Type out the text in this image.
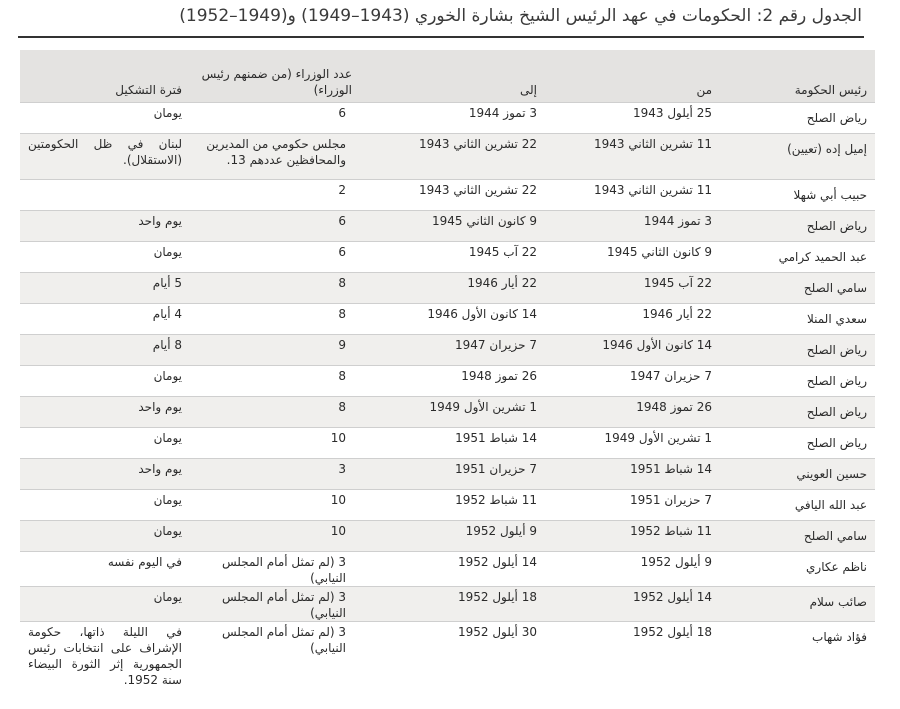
الجدول رقم 2: الحكومات في عهد الرئيس الشيخ بشارة الخوري (1943–1949) و(1949–1952)
رئيس الحكومة	من	إلى	عدد الوزراء (من ضمنهم رئيس الوزراء)	فترة التشكيل
رياض الصلح	25 أيلول 1943	3 تموز 1944	6	يومان
إميل إده (تعيين)	11 تشرين الثاني 1943	22 تشرين الثاني 1943	مجلس حكومي من المديرين والمحافظين عددهم 13.	لبنان في ظل الحكومتين (الاستقلال).
حبيب أبي شهلا	11 تشرين الثاني 1943	22 تشرين الثاني 1943	2	
رياض الصلح	3 تموز 1944	9 كانون الثاني 1945	6	يوم واحد
عبد الحميد كرامي	9 كانون الثاني 1945	22 آب 1945	6	يومان
سامي الصلح	22 آب 1945	22 أيار 1946	8	5 أيام
سعدي المنلا	22 أيار 1946	14 كانون الأول 1946	8	4 أيام
رياض الصلح	14 كانون الأول 1946	7 حزيران 1947	9	8 أيام
رياض الصلح	7 حزيران 1947	26 تموز 1948	8	يومان
رياض الصلح	26 تموز 1948	1 تشرين الأول 1949	8	يوم واحد
رياض الصلح	1 تشرين الأول 1949	14 شباط 1951	10	يومان
حسين العويني	14 شباط 1951	7 حزيران 1951	3	يوم واحد
عبد الله اليافي	7 حزيران 1951	11 شباط 1952	10	يومان
سامي الصلح	11 شباط 1952	9 أيلول 1952	10	يومان
ناظم عكاري	9 أيلول 1952	14 أيلول 1952	3 (لم تمثل أمام المجلس النيابي)	في اليوم نفسه
صائب سلام	14 أيلول 1952	18 أيلول 1952	3 (لم تمثل أمام المجلس النيابي)	يومان
فؤاد شهاب	18 أيلول 1952	30 أيلول 1952	3 (لم تمثل أمام المجلس النيابي)	في الليلة ذاتها، حكومة الإشراف على انتخابات رئيس الجمهورية إثر الثورة البيضاء سنة 1952.
